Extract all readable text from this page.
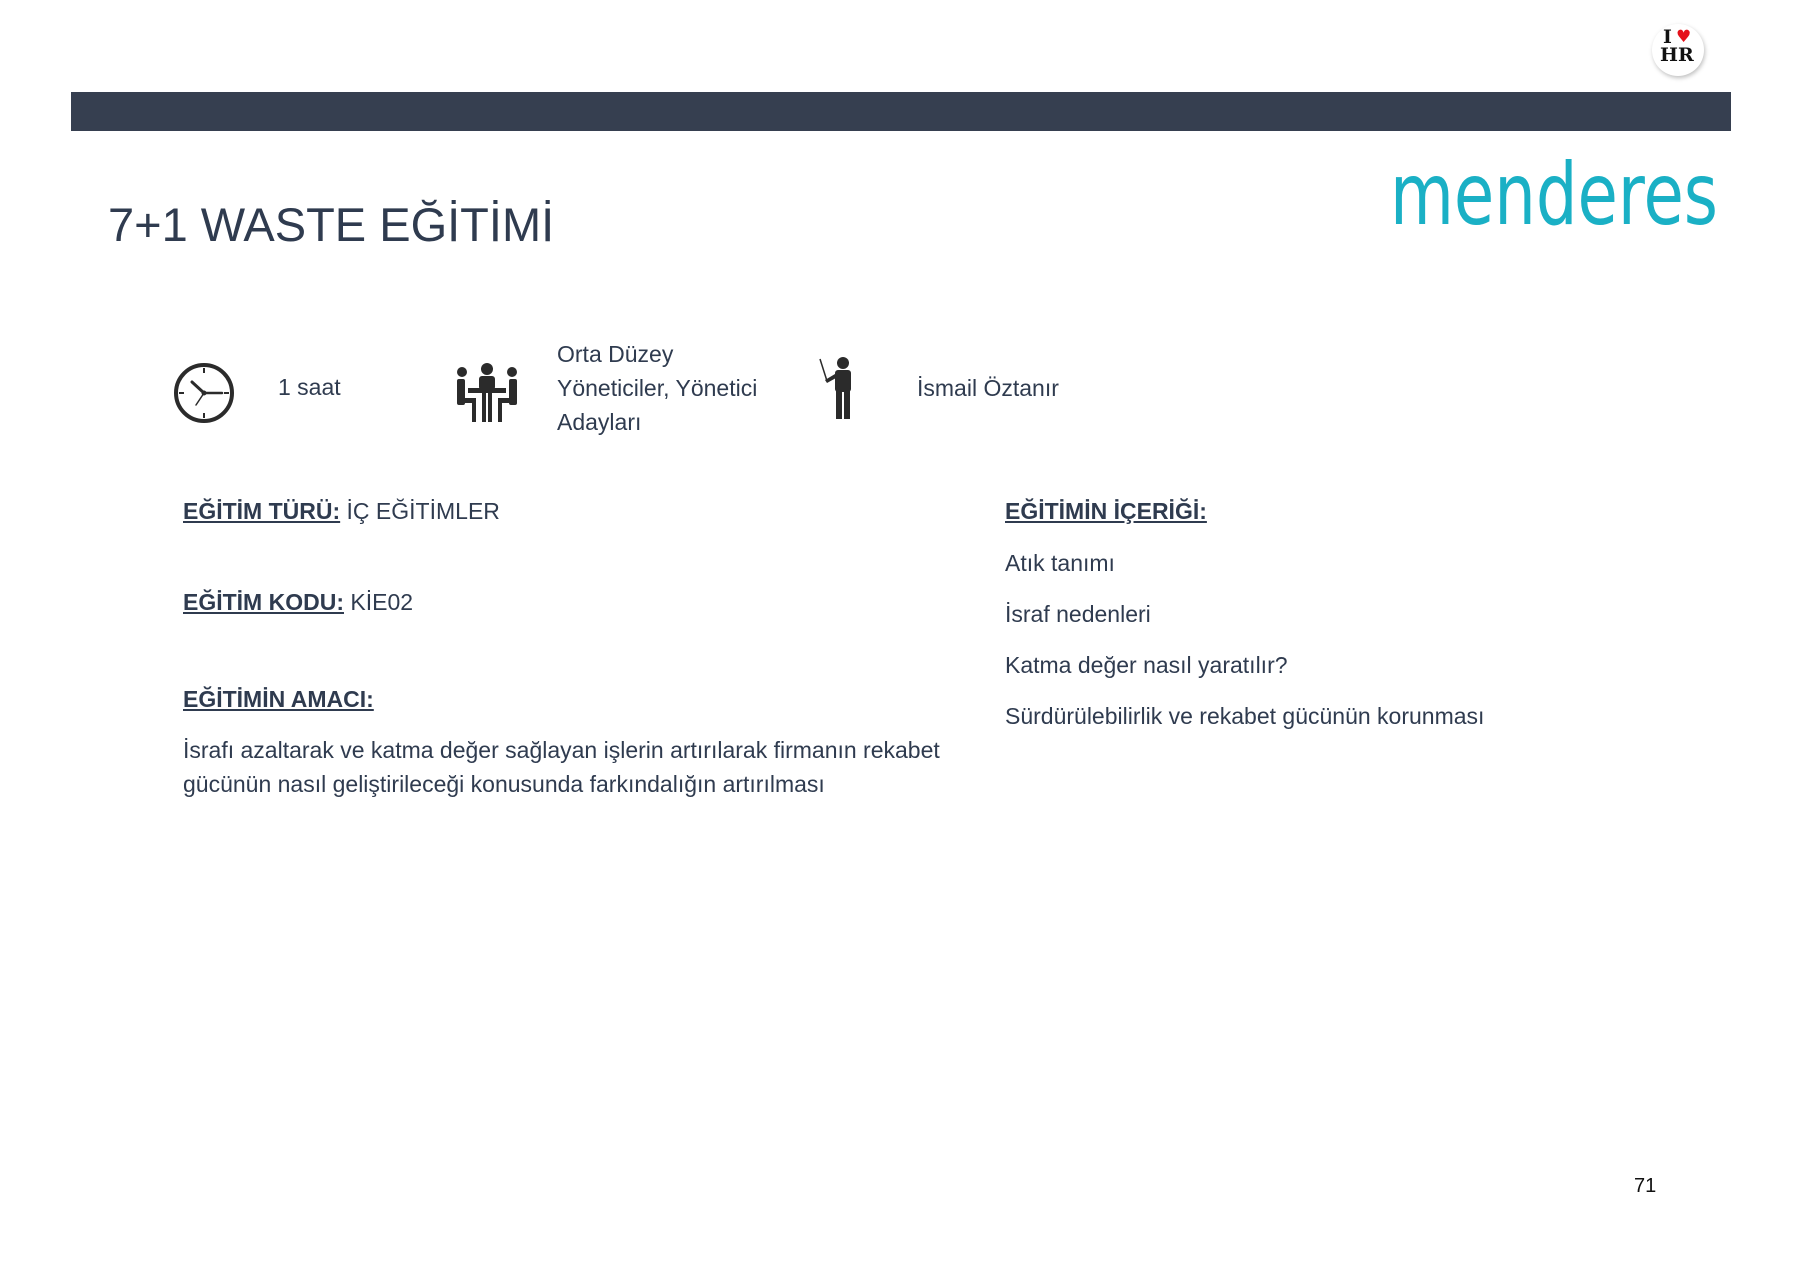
I ♥
HR
menderes
7+1 WASTE EĞİTİMİ
1 saat
Orta Düzey
Yöneticiler, Yönetici
Adayları
İsmail Öztanır
EĞİTİM TÜRÜ: İÇ EĞİTİMLER
EĞİTİM KODU: KİE02
EĞİTİMİN AMACI:
İsrafı azaltarak ve katma değer sağlayan işlerin artırılarak firmanın rekabet gücünün nasıl geliştirileceği konusunda farkındalığın artırılması
EĞİTİMİN İÇERİĞİ:
Atık tanımı
İsraf nedenleri
Katma değer nasıl yaratılır?
Sürdürülebilirlik ve rekabet gücünün korunması
71
